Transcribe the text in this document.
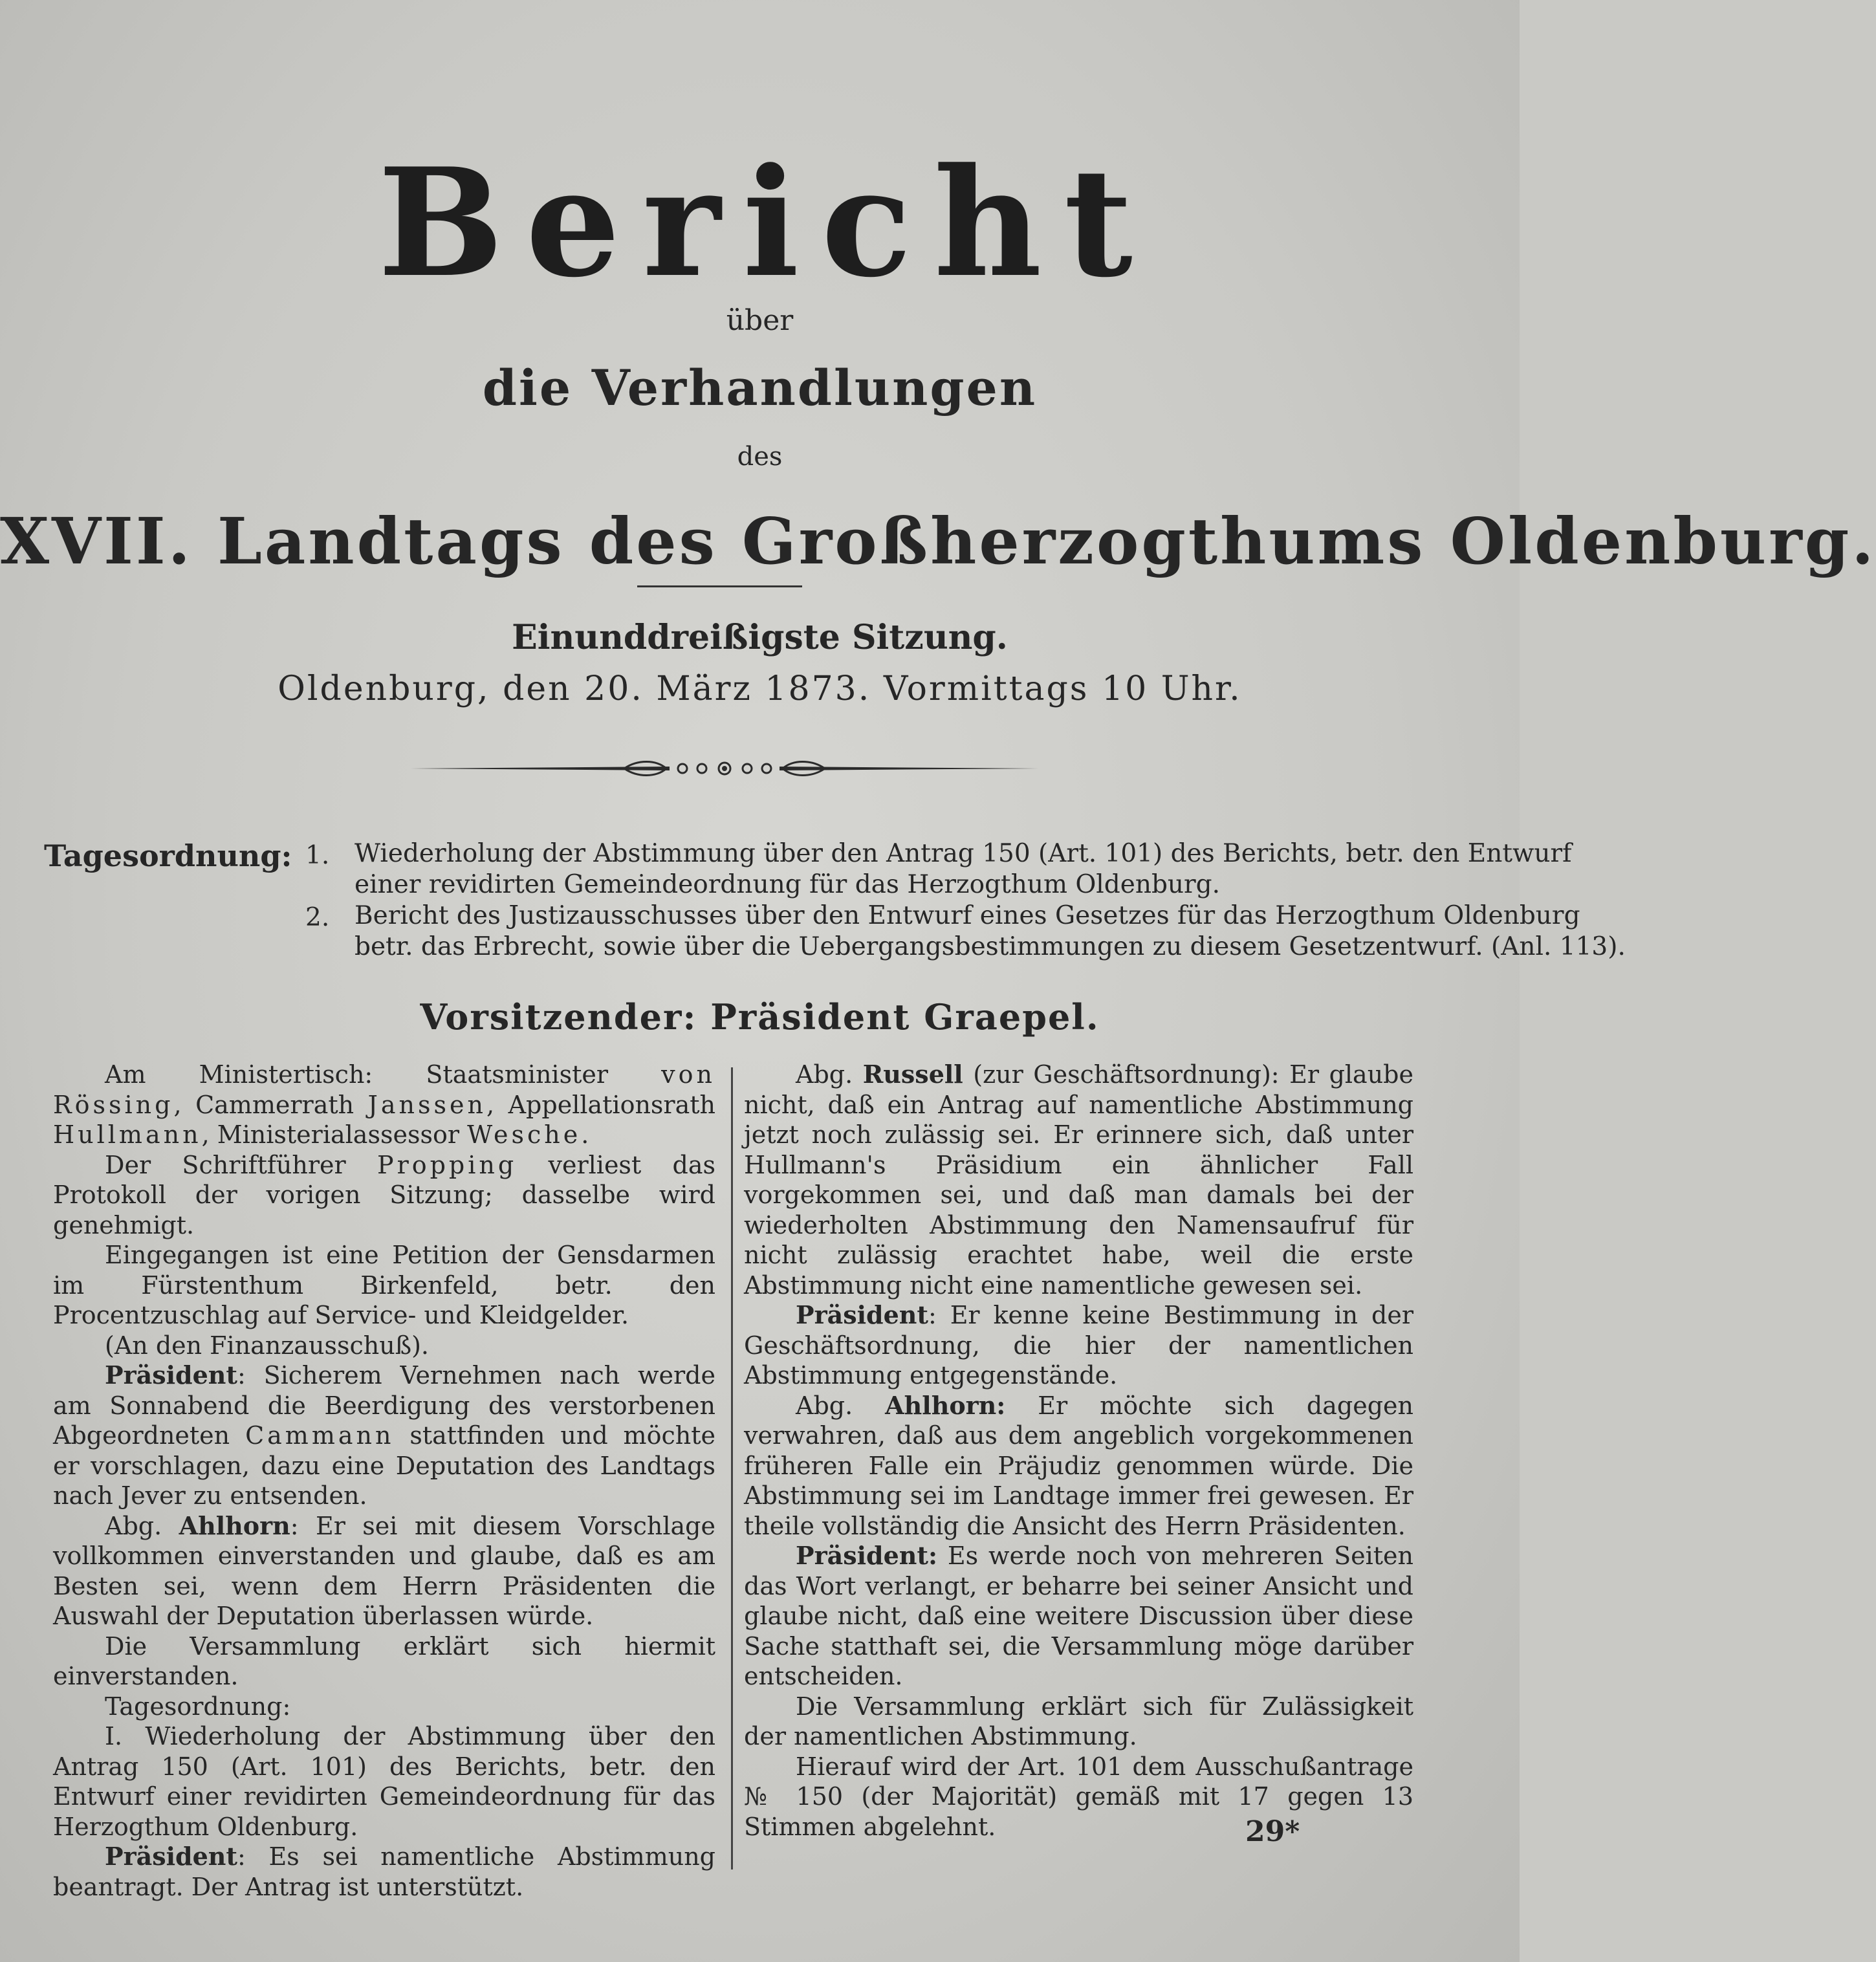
Bericht
über
die Verhandlungen
des
XVII. Landtags des Großherzogthums Oldenburg.
Einunddreißigste Sitzung.
Oldenburg, den 20. März 1873. Vormittags 10 Uhr.
Tagesordnung: 1. Wiederholung der Abstimmung über den Antrag 150 (Art. 101) des Berichts, betr. den Entwurf
einer revidirten Gemeindeordnung für das Herzogthum Oldenburg.
2. Bericht des Justizausschusses über den Entwurf eines Gesetzes für das Herzogthum Oldenburg
betr. das Erbrecht, sowie über die Uebergangsbestimmungen zu diesem Gesetzentwurf. (Anl. 113).
Vorsitzender: Präsident Graepel.

Am Ministertisch: Staatsminister von Rössing, Cammerrath Janssen, Appellationsrath Hullmann, Ministerialassessor Wesche.

Der Schriftführer Propping verliest das Protokoll der vorigen Sitzung; dasselbe wird genehmigt.

Eingegangen ist eine Petition der Gensdarmen im Fürstenthum Birkenfeld, betr. den Procentzuschlag auf Service- und Kleidgelder.

(An den Finanzausschuß).

Präsident: Sicherem Vernehmen nach werde am Sonnabend die Beerdigung des verstorbenen Abgeordneten Cammann stattfinden und möchte er vorschlagen, dazu eine Deputation des Landtags nach Jever zu entsenden.

Abg. Ahlhorn: Er sei mit diesem Vorschlage vollkommen einverstanden und glaube, daß es am Besten sei, wenn dem Herrn Präsidenten die Auswahl der Deputation überlassen würde.

Die Versammlung erklärt sich hiermit einverstanden.

Tagesordnung:

I. Wiederholung der Abstimmung über den Antrag 150 (Art. 101) des Berichts, betr. den Entwurf einer revidirten Gemeindeordnung für das Herzogthum Oldenburg.

Präsident: Es sei namentliche Abstimmung beantragt. Der Antrag ist unterstützt.

Abg. Russell (zur Geschäftsordnung): Er glaube nicht, daß ein Antrag auf namentliche Abstimmung jetzt noch zulässig sei. Er erinnere sich, daß unter Hullmann's Präsidium ein ähnlicher Fall vorgekommen sei, und daß man damals bei der wiederholten Abstimmung den Namensaufruf für nicht zulässig erachtet habe, weil die erste Abstimmung nicht eine namentliche gewesen sei.

Präsident: Er kenne keine Bestimmung in der Geschäftsordnung, die hier der namentlichen Abstimmung entgegenstände.

Abg. Ahlhorn: Er möchte sich dagegen verwahren, daß aus dem angeblich vorgekommenen früheren Falle ein Präjudiz genommen würde. Die Abstimmung sei im Landtage immer frei gewesen. Er theile vollständig die Ansicht des Herrn Präsidenten.

Präsident: Es werde noch von mehreren Seiten das Wort verlangt, er beharre bei seiner Ansicht und glaube nicht, daß eine weitere Discussion über diese Sache statthaft sei, die Versammlung möge darüber entscheiden.

Die Versammlung erklärt sich für Zulässigkeit der namentlichen Abstimmung.

Hierauf wird der Art. 101 dem Ausschußantrage № 150 (der Majorität) gemäß mit 17 gegen 13 Stimmen abgelehnt.	29*
